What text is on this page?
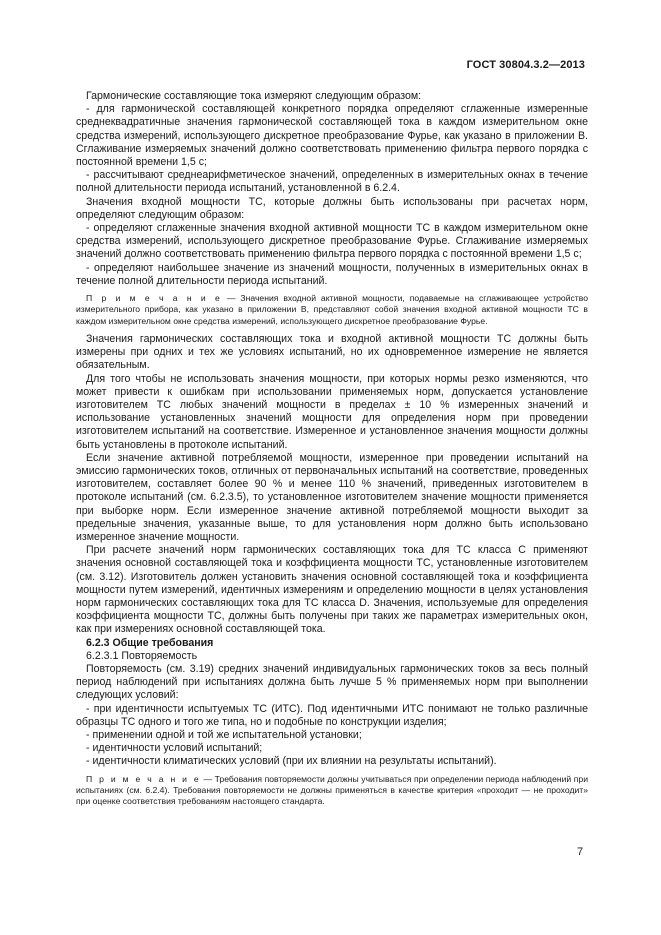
ГОСТ 30804.3.2—2013

Гармонические составляющие тока измеряют следующим образом:

- для гармонической составляющей конкретного порядка определяют сглаженные измеренные среднеквадратичные значения гармонической составляющей тока в каждом измерительном окне средства измерений, использующего дискретное преобразование Фурье, как указано в приложении В. Сглаживание измеряемых значений должно соответствовать применению фильтра первого порядка с постоянной времени 1,5 с;

- рассчитывают среднеарифметическое значений, определенных в измерительных окнах в течение полной длительности периода испытаний, установленной в 6.2.4.

Значения входной мощности ТС, которые должны быть использованы при расчетах норм, определяют следующим образом:

- определяют сглаженные значения входной активной мощности ТС в каждом измерительном окне средства измерений, использующего дискретное преобразование Фурье. Сглаживание измеряемых значений должно соответствовать применению фильтра первого порядка с постоянной времени 1,5 с;

- определяют наибольшее значение из значений мощности, полученных в измерительных окнах в течение полной длительности периода испытаний.

П р и м е ч а н и е — Значения входной активной мощности, подаваемые на сглаживающее устройство измерительного прибора, как указано в приложении В, представляют собой значения входной активной мощности ТС в каждом измерительном окне средства измерений, использующего дискретное преобразование Фурье.

Значения гармонических составляющих тока и входной активной мощности ТС должны быть измерены при одних и тех же условиях испытаний, но их одновременное измерение не является обязательным.

Для того чтобы не использовать значения мощности, при которых нормы резко изменяются, что может привести к ошибкам при использовании применяемых норм, допускается установление изготовителем ТС любых значений мощности в пределах ± 10 % измеренных значений и использование установленных значений мощности для определения норм при проведении изготовителем испытаний на соответствие. Измеренное и установленное значения мощности должны быть установлены в протоколе испытаний.

Если значение активной потребляемой мощности, измеренное при проведении испытаний на эмиссию гармонических токов, отличных от первоначальных испытаний на соответствие, проведенных изготовителем, составляет более 90 % и менее 110 % значений, приведенных изготовителем в протоколе испытаний (см. 6.2.3.5), то установленное изготовителем значение мощности применяется при выборке норм. Если измеренное значение активной потребляемой мощности выходит за предельные значения, указанные выше, то для установления норм должно быть использовано измеренное значение мощности.

При расчете значений норм гармонических составляющих тока для ТС класса С применяют значения основной составляющей тока и коэффициента мощности ТС, установленные изготовителем (см. 3.12). Изготовитель должен установить значения основной составляющей тока и коэффициента мощности путем измерений, идентичных измерениям и определению мощности в целях установления норм гармонических составляющих тока для ТС класса D. Значения, используемые для определения коэффициента мощности ТС, должны быть получены при таких же параметрах измерительных окон, как при измерениях основной составляющей тока.

6.2.3 Общие требования

6.2.3.1 Повторяемость

Повторяемость (см. 3.19) средних значений индивидуальных гармонических токов за весь полный период наблюдений при испытаниях должна быть лучше 5 % применяемых норм при выполнении следующих условий:

- при идентичности испытуемых ТС (ИТС). Под идентичными ИТС понимают не только различные образцы ТС одного и того же типа, но и подобные по конструкции изделия;

- применении одной и той же испытательной установки;

- идентичности условий испытаний;

- идентичности климатических условий (при их влиянии на результаты испытаний).

П р и м е ч а н и е — Требования повторяемости должны учитываться при определении периода наблюдений при испытаниях (см. 6.2.4). Требования повторяемости не должны применяться в качестве критерия «проходит — не проходит» при оценке соответствия требованиям настоящего стандарта.

7
